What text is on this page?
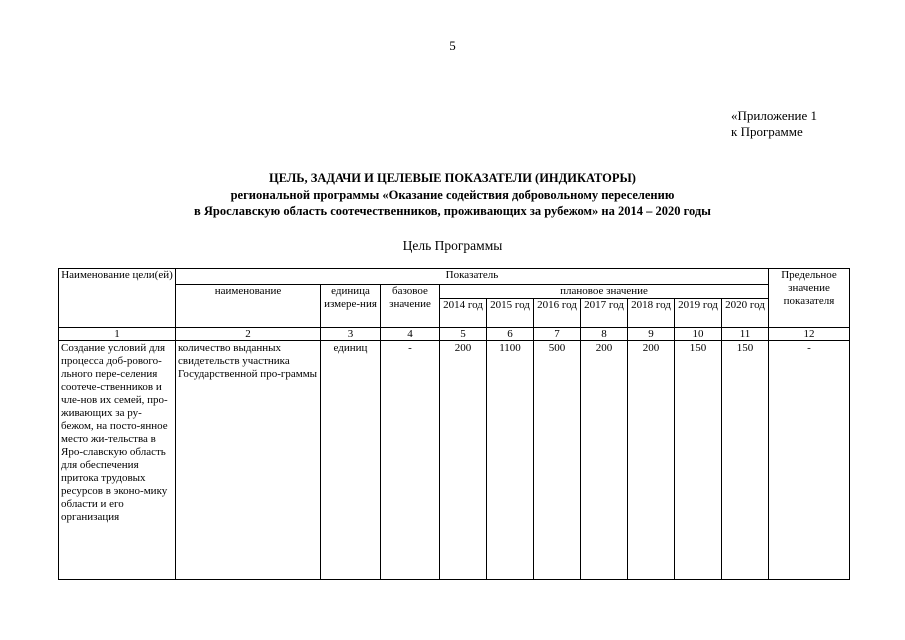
5
«Приложение 1
к Программе
ЦЕЛЬ, ЗАДАЧИ И ЦЕЛЕВЫЕ ПОКАЗАТЕЛИ (ИНДИКАТОРЫ)
региональной программы «Оказание содействия добровольному переселению
в Ярославскую область соотечественников, проживающих за рубежом» на 2014 – 2020 годы
Цель Программы
Наименование цели(ей)	Показатель										Предельное значение показателя
	наименование	единица измере-ния	базовое значение	плановое значение							
				2014 год	2015 год	2016 год	2017 год	2018 год	2019 год	2020 год	
1	2	3	4	5	6	7	8	9	10	11	12
Создание условий для процесса доб-рового-льного пере-селения соотече-ственников и чле-нов их семей, про-живающих за ру-бежом, на посто-янное место жи-тельства в Яро-славскую область для обеспечения притока трудовых ресурсов в эконо-мику области и его организация	количество выданных свидетельств участника Государственной про-граммы	единиц	-	200	1100	500	200	200	150	150	-
